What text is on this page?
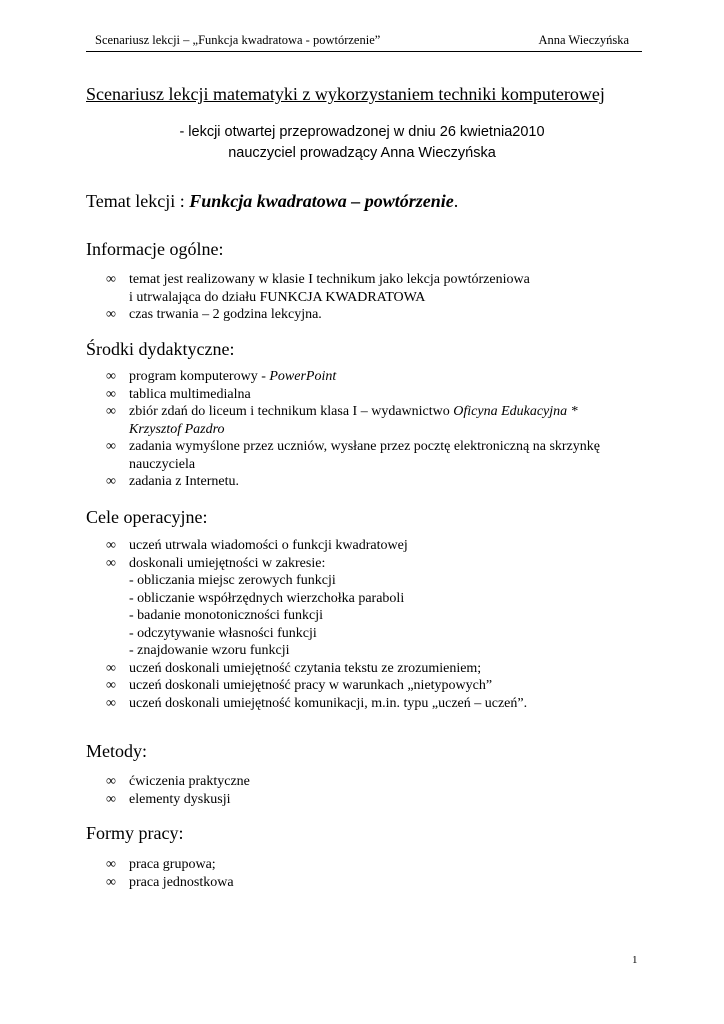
Scenariusz lekcji – „Funkcja kwadratowa - powtórzenie”	Anna Wieczyńska
Scenariusz lekcji matematyki z wykorzystaniem techniki komputerowej
- lekcji otwartej przeprowadzonej w dniu 26 kwietnia2010
nauczyciel prowadzący Anna Wieczyńska
Temat lekcji : Funkcja kwadratowa – powtórzenie.
Informacje ogólne:
∞ temat jest realizowany w klasie I technikum jako lekcja powtórzeniowa
i utrwalająca do działu FUNKCJA KWADRATOWA
∞ czas trwania – 2 godzina lekcyjna.
Środki dydaktyczne:
∞ program komputerowy - PowerPoint
∞ tablica multimedialna
∞ zbiór zdań do liceum i technikum klasa I – wydawnictwo Oficyna Edukacyjna *
Krzysztof Pazdro
∞ zadania wymyślone przez uczniów, wysłane przez pocztę elektroniczną na skrzynkę
nauczyciela
∞ zadania z Internetu.
Cele operacyjne:
∞ uczeń utrwala wiadomości o funkcji kwadratowej
∞ doskonali umiejętności w zakresie:
- obliczania miejsc zerowych funkcji
- obliczanie współrzędnych wierzchołka paraboli
- badanie monotoniczności funkcji
- odczytywanie własności funkcji
- znajdowanie wzoru funkcji
∞ uczeń doskonali umiejętność czytania tekstu ze zrozumieniem;
∞ uczeń doskonali umiejętność pracy w warunkach „nietypowych”
∞ uczeń doskonali umiejętność komunikacji, m.in. typu „uczeń – uczeń”.
Metody:
∞ ćwiczenia praktyczne
∞ elementy dyskusji
Formy pracy:
∞ praca grupowa;
∞ praca jednostkowa
1
